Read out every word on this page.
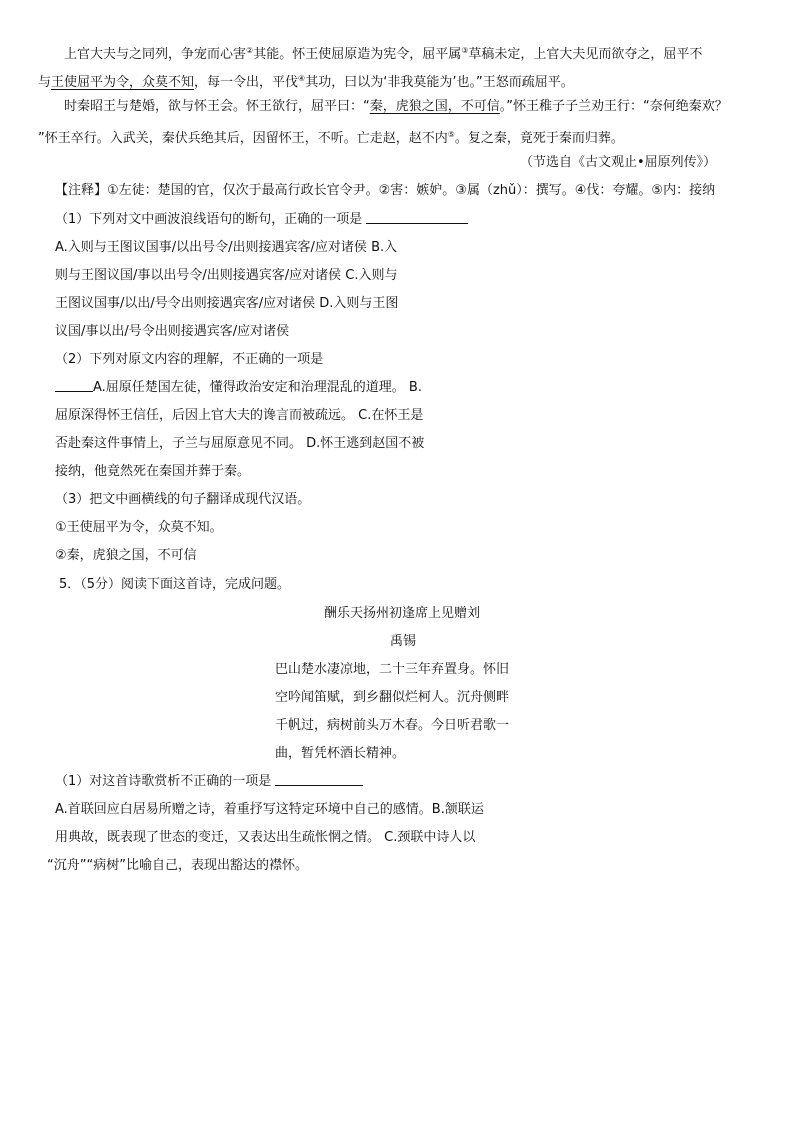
上官大夫与之同列，争宠而心害②其能。怀王使屈原造为宪令，屈平属③草稿未定，上官大夫见而欲夺之，屈平不
与王使屈平为令，众莫不知，每一令出，平伐④其功，曰以为‘非我莫能为’也。”王怒而疏屈平。
时秦昭王与楚婚，欲与怀王会。怀王欲行，屈平曰：“秦，虎狼之国，不可信。”怀王稚子子兰劝王行：“奈何绝秦欢？
”怀王卒行。入武关，秦伏兵绝其后，因留怀王，不听。亡走赵，赵不内⑤。复之秦，竟死于秦而归葬。
（节选自《古文观止•屈原列传》）
【注释】①左徒：楚国的官，仅次于最高行政长官令尹。②害：嫉妒。③属（zhǔ）：撰写。④伐：夸耀。⑤内：接纳
（1）下列对文中画波浪线语句的断句，正确的一项是
A.入则与王图议国事/以出号令/出则接遇宾客/应对诸侯 B.入
则与王图议国/事以出号令/出则接遇宾客/应对诸侯 C.入则与
王图议国事/以出/号令出则接遇宾客/应对诸侯 D.入则与王图
议国/事以出/号令出则接遇宾客/应对诸侯
（2）下列对原文内容的理解，不正确的一项是
A.屈原任楚国左徒，懂得政治安定和治理混乱的道理。 B.
屈原深得怀王信任，后因上官大夫的谗言而被疏远。 C.在怀王是
否赴秦这件事情上，子兰与屈原意见不同。 D.怀王逃到赵国不被
接纳，他竟然死在秦国并葬于秦。
（3）把文中画横线的句子翻译成现代汉语。
①王使屈平为令，众莫不知。
②秦，虎狼之国，不可信
5．（5分）阅读下面这首诗，完成问题。
酬乐天扬州初逢席上见赠刘
禹锡
巴山楚水凄凉地，二十三年弃置身。怀旧
空吟闻笛赋，到乡翻似烂柯人。沉舟侧畔
千帆过，病树前头万木春。今日听君歌一
曲，暂凭杯酒长精神。
（1）对这首诗歌赏析不正确的一项是
A.首联回应白居易所赠之诗，着重抒写这特定环境中自己的感情。B.颔联运
用典故，既表现了世态的变迁，又表达出生疏怅惘之情。 C.颈联中诗人以
“沉舟”“病树”比喻自己，表现出豁达的襟怀。
